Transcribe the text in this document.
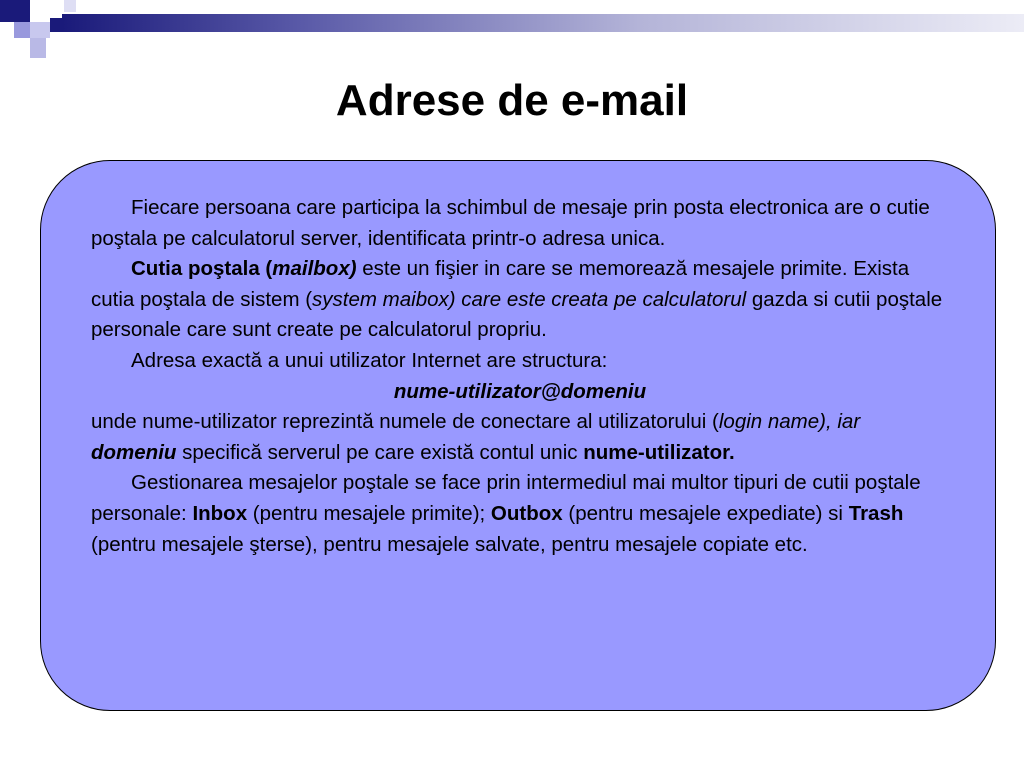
Adrese de e-mail

Fiecare persoana care participa la schimbul de mesaje prin posta electronica are o cutie poştala pe calculatorul server, identificata printr-o adresa unica.

Cutia poştala (mailbox) este un fişier in care se memorează mesajele primite. Exista cutia poştala de sistem (system maibox) care este creata pe calculatorul gazda si cutii poştale personale care sunt create pe calculatorul propriu.

Adresa exactă a unui utilizator Internet are structura:

nume-utilizator@domeniu

unde nume-utilizator reprezintă numele de conectare al utilizatorului (login name), iar domeniu specifică serverul pe care există contul unic nume-utilizator.

Gestionarea mesajelor poştale se face prin intermediul mai multor tipuri de cutii poştale personale: Inbox (pentru mesajele primite); Outbox (pentru mesajele expediate) si Trash (pentru mesajele şterse), pentru mesajele salvate, pentru mesajele copiate etc.
